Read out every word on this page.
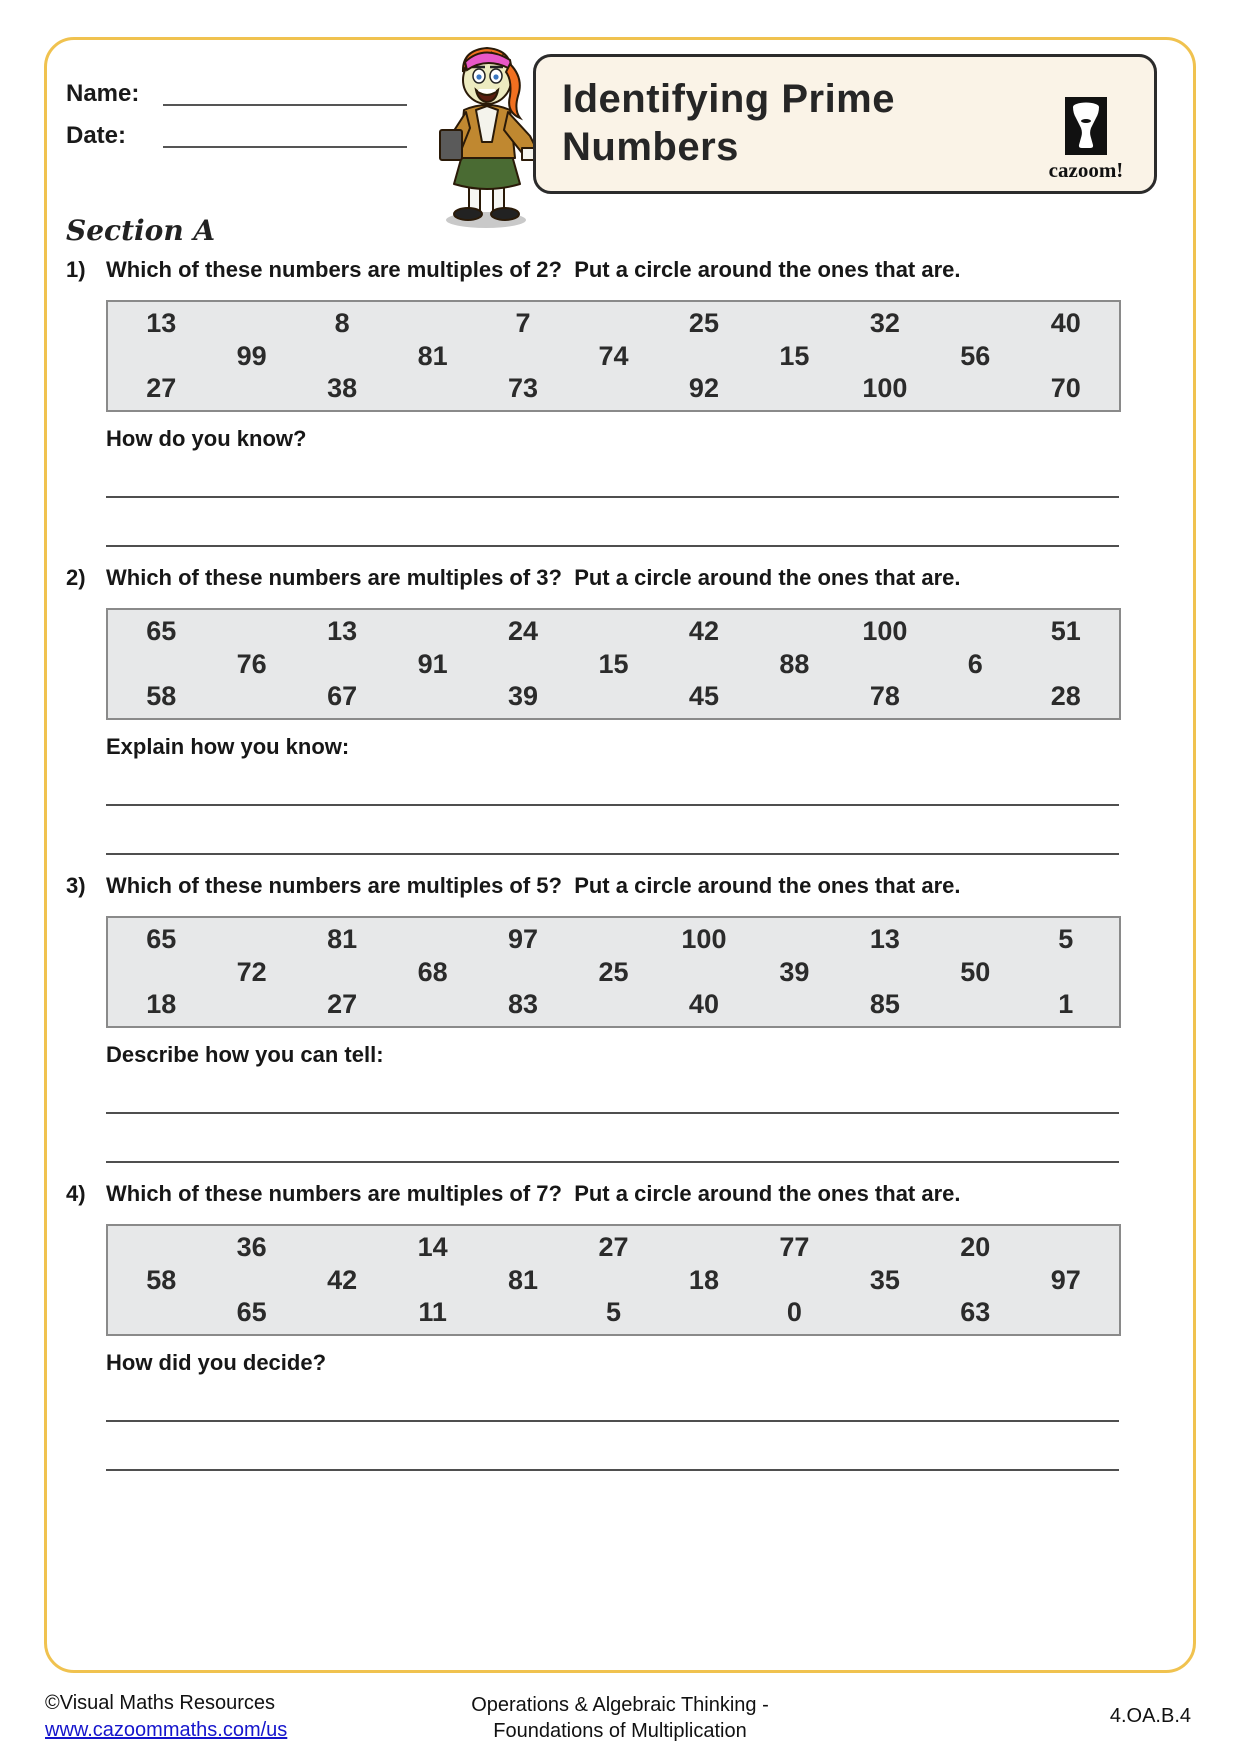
Name:
Date:
Identifying Prime
Numbers
cazoom!
Section A
1) Which of these numbers are multiples of 2?  Put a circle around the ones that are.
13	8	7	25	32	40
99	81	74	15	56
27	38	73	92	100	70
How do you know?
2) Which of these numbers are multiples of 3?  Put a circle around the ones that are.
65	13	24	42	100	51
76	91	15	88	6
58	67	39	45	78	28
Explain how you know:
3) Which of these numbers are multiples of 5?  Put a circle around the ones that are.
65	81	97	100	13	5
72	68	25	39	50
18	27	83	40	85	1
Describe how you can tell:
4) Which of these numbers are multiples of 7?  Put a circle around the ones that are.
36	14	27	77	20
58	42	81	18	35	97
65	11	5	0	63
How did you decide?
©Visual Maths Resources
www.cazoommaths.com/us
Operations & Algebraic Thinking -
Foundations of Multiplication
4.OA.B.4
